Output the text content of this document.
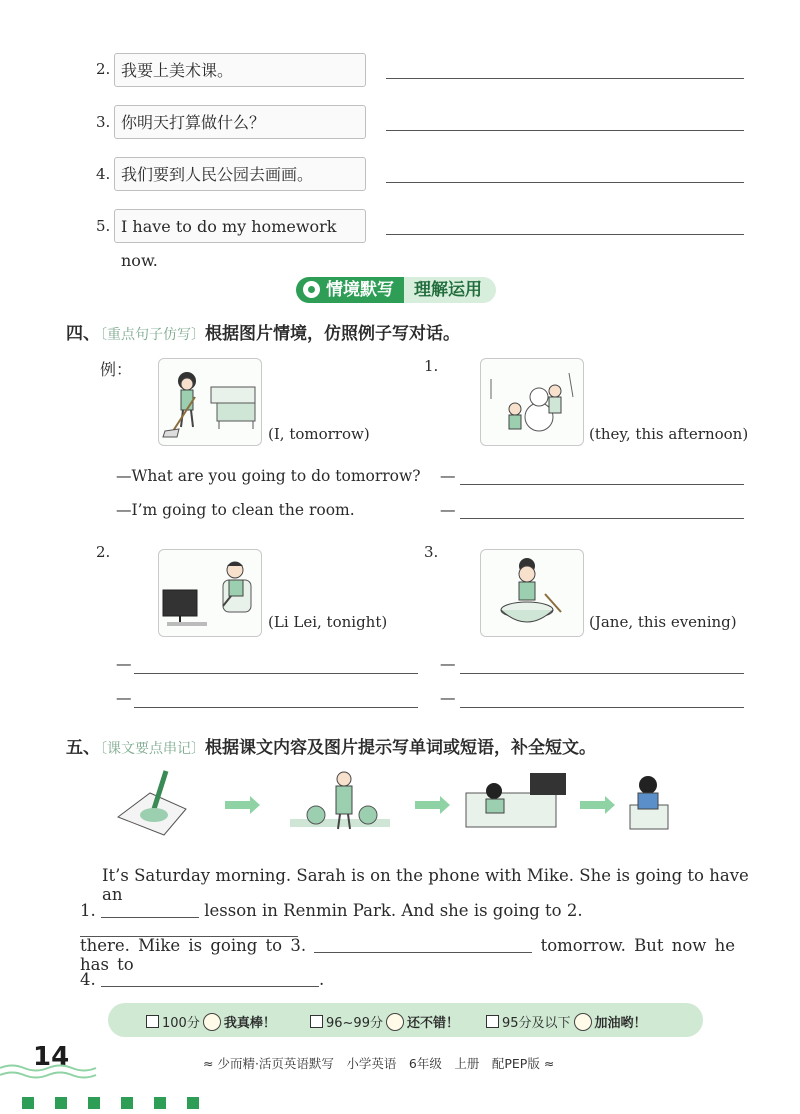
2. 我要上美术课。
3. 你明天打算做什么？
4. 我们要到人民公园去画画。
5. I have to do my homework now.
情境默写	理解运用
四、〔重点句子仿写〕根据图片情境，仿照例子写对话。
例：
(I, tomorrow)
—What are you going to do tomorrow?
—I’m going to clean the room.
1.
(they, this afternoon)
—
—
2.
(Li Lei, tonight)
—
—
3.
(Jane, this evening)
—
—
五、〔课文要点串记〕根据课文内容及图片提示写单词或短语，补全短文。
It’s Saturday morning. Sarah is on the phone with Mike. She is going to have an
1.	lesson in Renmin Park. And she is going to 2.
there. Mike is going to 3.	tomorrow. But now he has to
4.	.
100分 我真棒！	96~99分 还不错！	95分及以下 加油哟！
14	≈ 少而精·活页英语默写　小学英语　6年级　上册　配PEP版 ≈
